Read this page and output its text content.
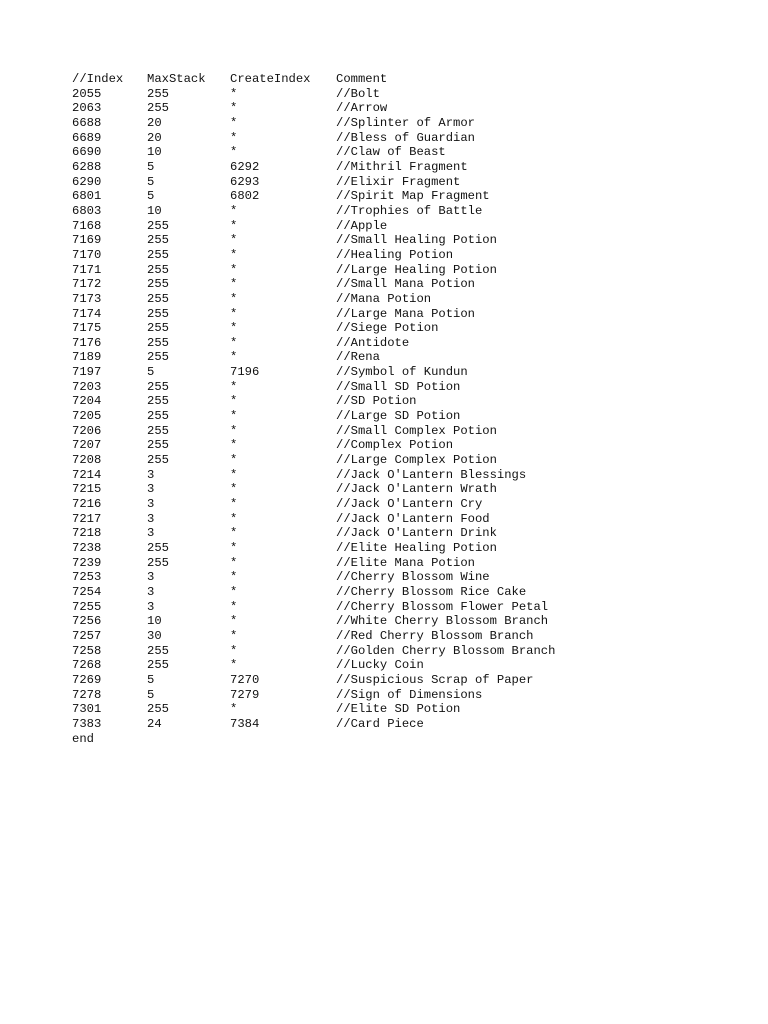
//Index	MaxStack	CreateIndex	Comment
2055	255	*	//Bolt
2063	255	*	//Arrow
6688	20	*	//Splinter of Armor
6689	20	*	//Bless of Guardian
6690	10	*	//Claw of Beast
6288	5	6292	//Mithril Fragment
6290	5	6293	//Elixir Fragment
6801	5	6802	//Spirit Map Fragment
6803	10	*	//Trophies of Battle
7168	255	*	//Apple
7169	255	*	//Small Healing Potion
7170	255	*	//Healing Potion
7171	255	*	//Large Healing Potion
7172	255	*	//Small Mana Potion
7173	255	*	//Mana Potion
7174	255	*	//Large Mana Potion
7175	255	*	//Siege Potion
7176	255	*	//Antidote
7189	255	*	//Rena
7197	5	7196	//Symbol of Kundun
7203	255	*	//Small SD Potion
7204	255	*	//SD Potion
7205	255	*	//Large SD Potion
7206	255	*	//Small Complex Potion
7207	255	*	//Complex Potion
7208	255	*	//Large Complex Potion
7214	3	*	//Jack O'Lantern Blessings
7215	3	*	//Jack O'Lantern Wrath
7216	3	*	//Jack O'Lantern Cry
7217	3	*	//Jack O'Lantern Food
7218	3	*	//Jack O'Lantern Drink
7238	255	*	//Elite Healing Potion
7239	255	*	//Elite Mana Potion
7253	3	*	//Cherry Blossom Wine
7254	3	*	//Cherry Blossom Rice Cake
7255	3	*	//Cherry Blossom Flower Petal
7256	10	*	//White Cherry Blossom Branch
7257	30	*	//Red Cherry Blossom Branch
7258	255	*	//Golden Cherry Blossom Branch
7268	255	*	//Lucky Coin
7269	5	7270	//Suspicious Scrap of Paper
7278	5	7279	//Sign of Dimensions
7301	255	*	//Elite SD Potion
7383	24	7384	//Card Piece
end
